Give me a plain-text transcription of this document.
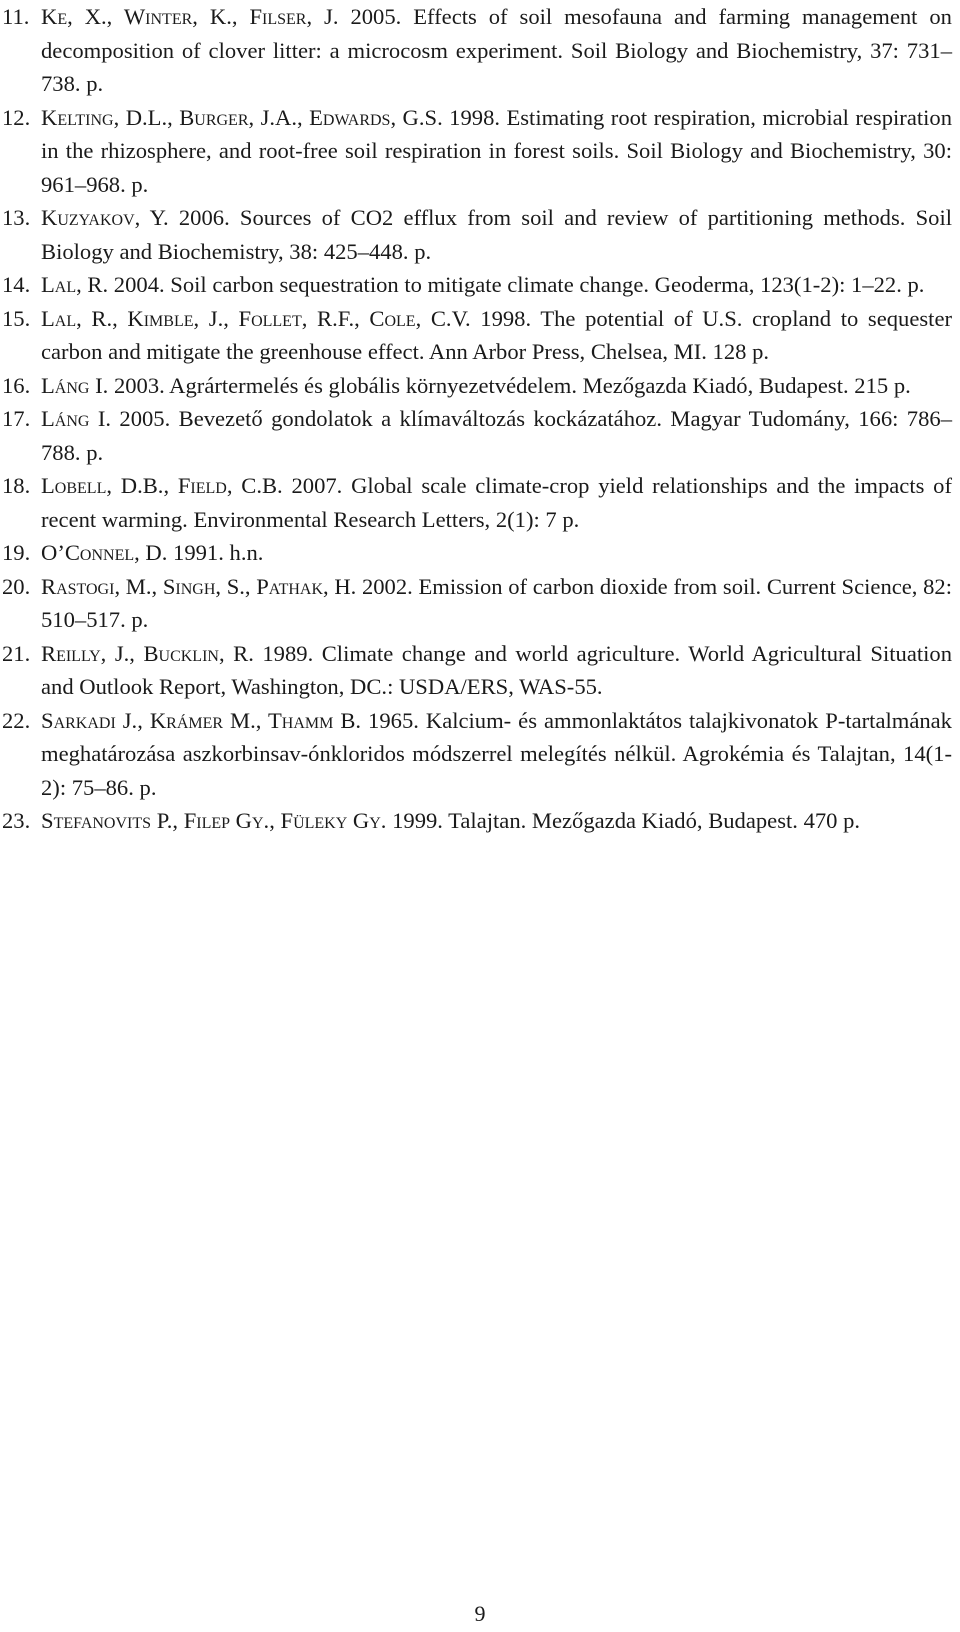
11. Ke, X., Winter, K., Filser, J. 2005. Effects of soil mesofauna and farming management on decomposition of clover litter: a microcosm experiment. Soil Biology and Biochemistry, 37: 731–738. p.
12. Kelting, D.L., Burger, J.A., Edwards, G.S. 1998. Estimating root respiration, microbial respiration in the rhizosphere, and root-free soil respiration in forest soils. Soil Biology and Biochemistry, 30: 961–968. p.
13. Kuzyakov, Y. 2006. Sources of CO2 efflux from soil and review of partitioning methods. Soil Biology and Biochemistry, 38: 425–448. p.
14. Lal, R. 2004. Soil carbon sequestration to mitigate climate change. Geoderma, 123(1-2): 1–22. p.
15. Lal, R., Kimble, J., Follet, R.F., Cole, C.V. 1998. The potential of U.S. cropland to sequester carbon and mitigate the greenhouse effect. Ann Arbor Press, Chelsea, MI. 128 p.
16. Láng I. 2003. Agrártermelés és globális környezetvédelem. Mezőgazda Kiadó, Budapest. 215 p.
17. Láng I. 2005. Bevezető gondolatok a klímaváltozás kockázatához. Magyar Tudomány, 166: 786–788. p.
18. Lobell, D.B., Field, C.B. 2007. Global scale climate-crop yield relationships and the impacts of recent warming. Environmental Research Letters, 2(1): 7 p.
19. O’Connel, D. 1991. h.n.
20. Rastogi, M., Singh, S., Pathak, H. 2002. Emission of carbon dioxide from soil. Current Science, 82: 510–517. p.
21. Reilly, J., Bucklin, R. 1989. Climate change and world agriculture. World Agricultural Situation and Outlook Report, Washington, DC.: USDA/ERS, WAS-55.
22. Sarkadi J., Krámer M., Thamm B. 1965. Kalcium- és ammonlaktátos talajkivonatok P-tartalmának meghatározása aszkorbinsav-ónkloridos módszerrel melegítés nélkül. Agrokémia és Talajtan, 14(1-2): 75–86. p.
23. Stefanovits P., Filep Gy., Füleky Gy. 1999. Talajtan. Mezőgazda Kiadó, Budapest. 470 p.
9
